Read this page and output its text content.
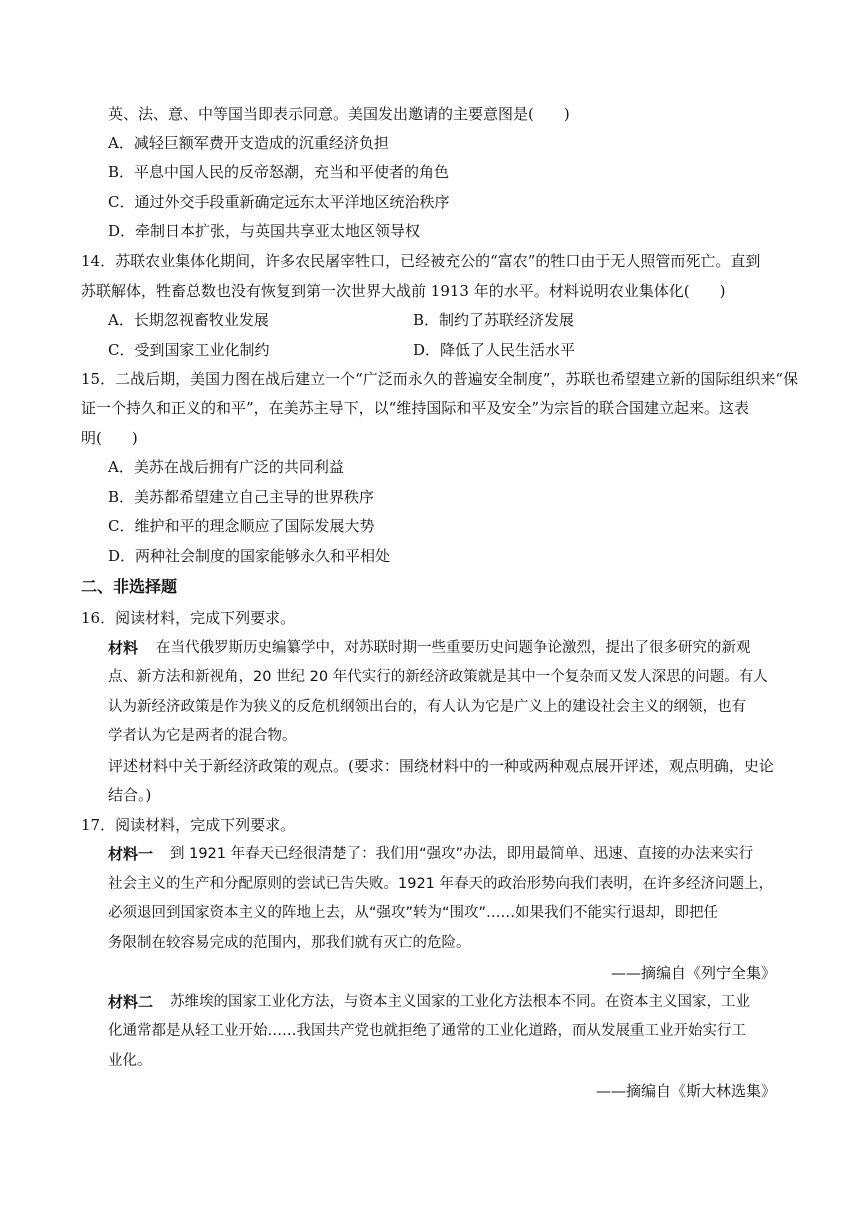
英、法、意、中等国当即表示同意。美国发出邀请的主要意图是(　　)
A．减轻巨额军费开支造成的沉重经济负担
B．平息中国人民的反帝怒潮，充当和平使者的角色
C．通过外交手段重新确定远东太平洋地区统治秩序
D．牵制日本扩张，与英国共享亚太地区领导权
14．苏联农业集体化期间，许多农民屠宰牲口，已经被充公的“富农”的牲口由于无人照管而死亡。直到
苏联解体，牲畜总数也没有恢复到第一次世界大战前 1913 年的水平。材料说明农业集体化(　　)
A．长期忽视畜牧业发展	B．制约了苏联经济发展
C．受到国家工业化制约	D．降低了人民生活水平
15．二战后期，美国力图在战后建立一个“广泛而永久的普遍安全制度”，苏联也希望建立新的国际组织来“保
证一个持久和正义的和平”，在美苏主导下，以“维持国际和平及安全”为宗旨的联合国建立起来。这表
明(　　)
A．美苏在战后拥有广泛的共同利益
B．美苏都希望建立自己主导的世界秩序
C．维护和平的理念顺应了国际发展大势
D．两种社会制度的国家能够永久和平相处
二、非选择题
16．阅读材料，完成下列要求。
材料 在当代俄罗斯历史编纂学中，对苏联时期一些重要历史问题争论激烈，提出了很多研究的新观
点、新方法和新视角，20 世纪 20 年代实行的新经济政策就是其中一个复杂而又发人深思的问题。有人
认为新经济政策是作为狭义的反危机纲领出台的，有人认为它是广义上的建设社会主义的纲领，也有
学者认为它是两者的混合物。
评述材料中关于新经济政策的观点。(要求：围绕材料中的一种或两种观点展开评述，观点明确，史论
结合。)
17．阅读材料，完成下列要求。
材料一 到 1921 年春天已经很清楚了：我们用“强攻”办法，即用最简单、迅速、直接的办法来实行
社会主义的生产和分配原则的尝试已告失败。1921 年春天的政治形势向我们表明，在许多经济问题上，
必须退回到国家资本主义的阵地上去，从“强攻”转为“围攻”……如果我们不能实行退却，即把任
务限制在较容易完成的范围内，那我们就有灭亡的危险。
——摘编自《列宁全集》
材料二 苏维埃的国家工业化方法，与资本主义国家的工业化方法根本不同。在资本主义国家，工业
化通常都是从轻工业开始……我国共产党也就拒绝了通常的工业化道路，而从发展重工业开始实行工
业化。
——摘编自《斯大林选集》
